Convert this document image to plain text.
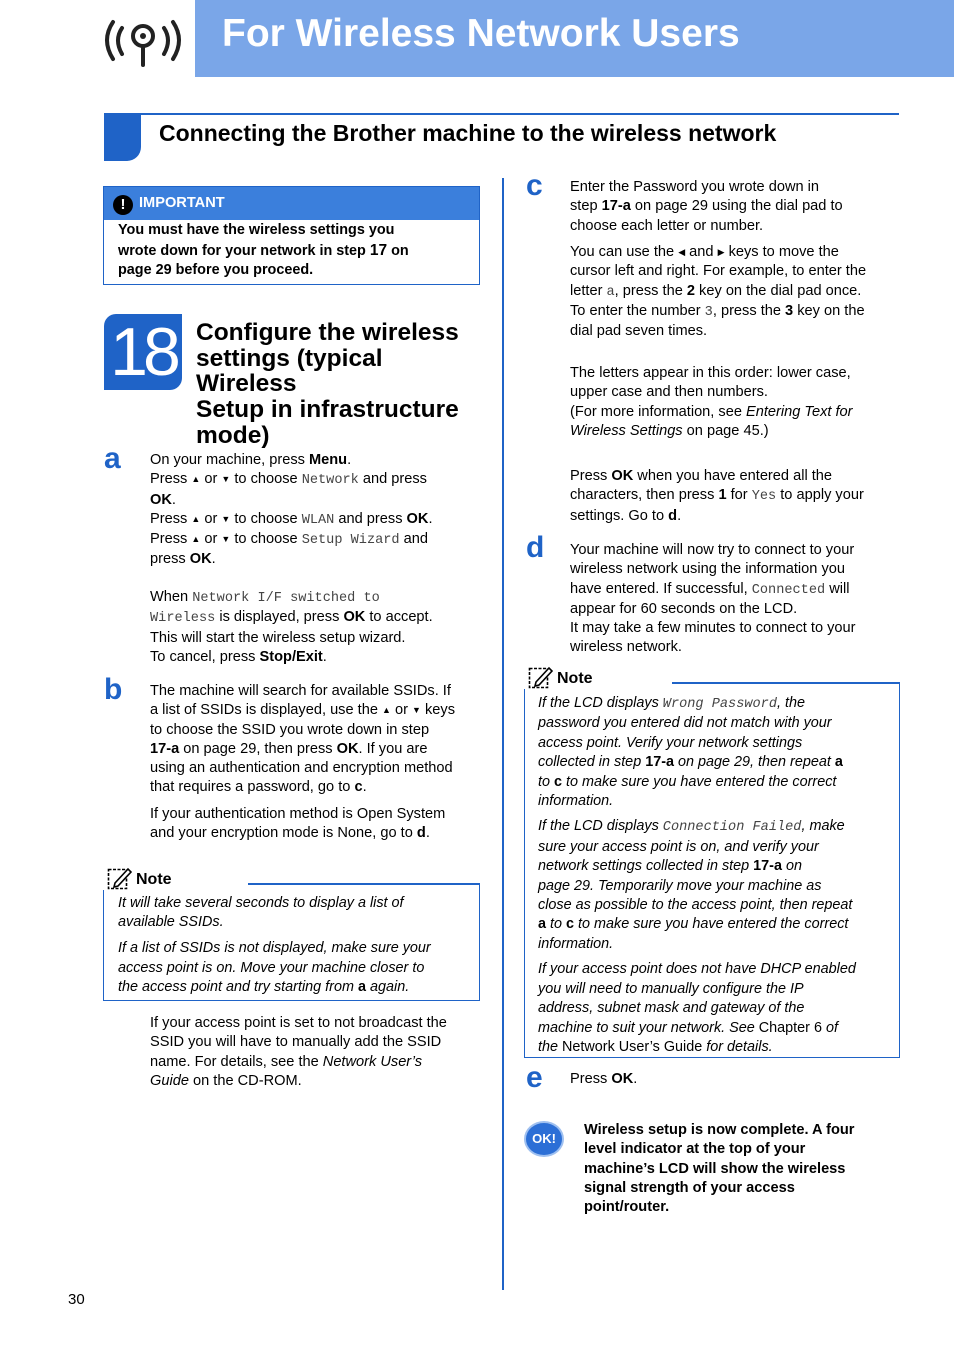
For Wireless Network Users
Connecting the Brother machine to the wireless network
! IMPORTANT
You must have the wireless settings you
wrote down for your network in step 17 on
page 29 before you proceed.
18 Configure the wireless
settings (typical Wireless
Setup in infrastructure
mode)
a On your machine, press Menu.
Press ▲ or ▼ to choose Network and press
OK.
Press ▲ or ▼ to choose WLAN and press OK.
Press ▲ or ▼ to choose Setup Wizard and
press OK.
When Network I/F switched to
Wireless is displayed, press OK to accept.
This will start the wireless setup wizard.
To cancel, press Stop/Exit.
b The machine will search for available SSIDs. If
a list of SSIDs is displayed, use the ▲ or ▼ keys
to choose the SSID you wrote down in step
17-a on page 29, then press OK. If you are
using an authentication and encryption method
that requires a password, go to c.
If your authentication method is Open System
and your encryption mode is None, go to d.
Note
It will take several seconds to display a list of
available SSIDs.
If a list of SSIDs is not displayed, make sure your
access point is on. Move your machine closer to
the access point and try starting from a again.
If your access point is set to not broadcast the
SSID you will have to manually add the SSID
name. For details, see the Network User’s
Guide on the CD-ROM.
c Enter the Password you wrote down in
step 17-a on page 29 using the dial pad to
choose each letter or number.
You can use the ◀ and ▶ keys to move the
cursor left and right. For example, to enter the
letter a, press the 2 key on the dial pad once.
To enter the number 3, press the 3 key on the
dial pad seven times.
The letters appear in this order: lower case,
upper case and then numbers.
(For more information, see Entering Text for
Wireless Settings on page 45.)
Press OK when you have entered all the
characters, then press 1 for Yes to apply your
settings. Go to d.
d Your machine will now try to connect to your
wireless network using the information you
have entered. If successful, Connected will
appear for 60 seconds on the LCD.
It may take a few minutes to connect to your
wireless network.
Note
If the LCD displays Wrong Password, the
password you entered did not match with your
access point. Verify your network settings
collected in step 17-a on page 29, then repeat a
to c to make sure you have entered the correct
information.
If the LCD displays Connection Failed, make
sure your access point is on, and verify your
network settings collected in step 17-a on
page 29. Temporarily move your machine as
close as possible to the access point, then repeat
a to c to make sure you have entered the correct
information.
If your access point does not have DHCP enabled
you will need to manually configure the IP
address, subnet mask and gateway of the
machine to suit your network. See Chapter 6 of
the Network User’s Guide for details.
e Press OK.
OK!
Wireless setup is now complete. A four
level indicator at the top of your
machine’s LCD will show the wireless
signal strength of your access
point/router.
30
